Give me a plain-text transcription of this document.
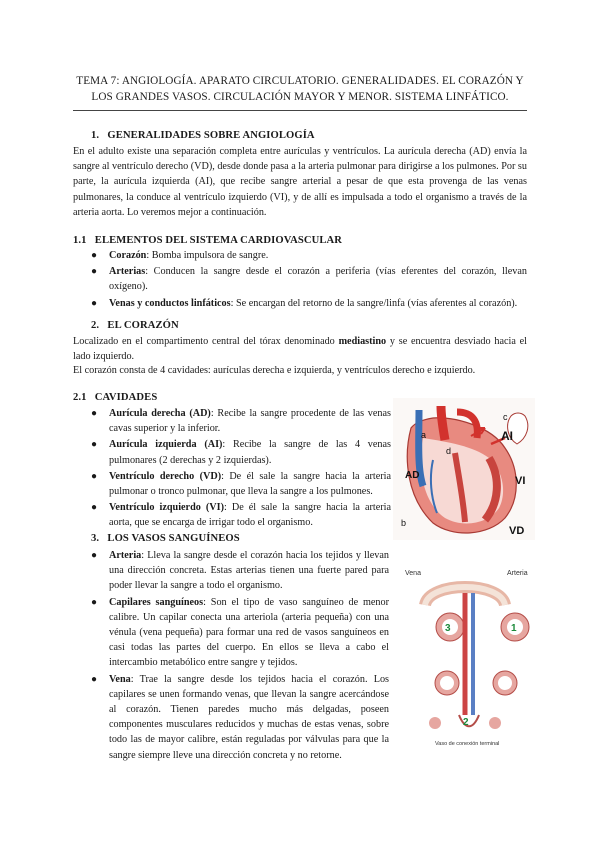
TEMA 7: ANGIOLOGÍA. APARATO CIRCULATORIO. GENERALIDADES. EL CORAZÓN Y LOS GRANDES VASOS. CIRCULACIÓN MAYOR Y MENOR. SISTEMA LINFÁTICO.
1. GENERALIDADES SOBRE ANGIOLOGÍA
En el adulto existe una separación completa entre aurículas y ventrículos. La aurícula derecha (AD) envía la sangre al ventrículo derecho (VD), desde donde pasa a la arteria pulmonar para dirigirse a los pulmones. Por su parte, la aurícula izquierda (AI), que recibe sangre arterial a pesar de que esta provenga de las venas pulmonares, la conduce al ventrículo izquierdo (VI), y de allí es impulsada a todo el organismo a través de la arteria aorta. Lo veremos mejor a continuación.
1.1 ELEMENTOS DEL SISTEMA CARDIOVASCULAR
● Corazón: Bomba impulsora de sangre.
● Arterias: Conducen la sangre desde el corazón a periferia (vías eferentes del corazón, llevan oxígeno).
● Venas y conductos linfáticos: Se encargan del retorno de la sangre/linfa (vías aferentes al corazón).
2. EL CORAZÓN
Localizado en el compartimento central del tórax denominado mediastino y se encuentra desviado hacia el lado izquierdo.
El corazón consta de 4 cavidades: aurículas derecha e izquierda, y ventrículos derecho e izquierdo.
2.1 CAVIDADES
● Aurícula derecha (AD): Recibe la sangre procedente de las venas cavas superior y la inferior.
● Aurícula izquierda (AI): Recibe la sangre de las 4 venas pulmonares (2 derechas y 2 izquierdas).
● Ventrículo derecho (VD): De él sale la sangre hacia la arteria pulmonar o tronco pulmonar, que lleva la sangre a los pulmones.
● Ventrículo izquierdo (VI): De él sale la sangre hacia la arteria aorta, que se encarga de irrigar todo el organismo.
3. LOS VASOS SANGUÍNEOS
● Arteria: Lleva la sangre desde el corazón hacia los tejidos y llevan una dirección concreta. Estas arterias tienen una fuerte pared para poder llevar la sangre a todo el organismo.
● Capilares sanguíneos: Son el tipo de vaso sanguíneo de menor calibre. Un capilar conecta una arteriola (arteria pequeña) con una vénula (vena pequeña) para formar una red de vasos sanguíneos en casi todas las partes del cuerpo. En ellos se lleva a cabo el intercambio metabólico entre sangre y tejidos.
● Vena: Trae la sangre desde los tejidos hacia el corazón. Los capilares se unen formando venas, que llevan la sangre acercándose al corazón. Tienen paredes mucho más delgadas, poseen componentes musculares reducidos y muchas de estas venas, sobre todo las de mayor calibre, están reguladas por válvulas para que la sangre siempre lleve una dirección concreta y no retorne.
a
c
d
AI
AD	VI
VD
b
Vena	Arteria
3	1
2
Vaso de conexión terminal
